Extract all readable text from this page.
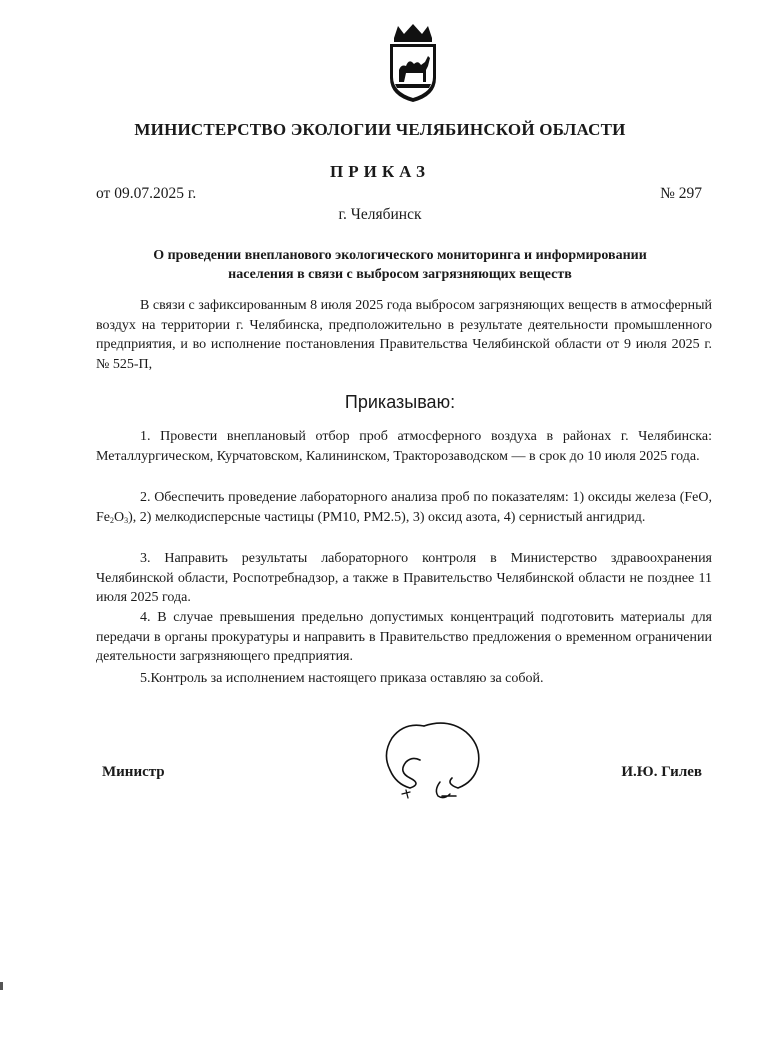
МИНИСТЕРСТВО ЭКОЛОГИИ ЧЕЛЯБИНСКОЙ ОБЛАСТИ
ПРИКАЗ
от 09.07.2025 г.	№ 297
г. Челябинск
О проведении внепланового экологического мониторинга и информировании населения в связи с выбросом загрязняющих веществ

В связи с зафиксированным 8 июля 2025 года выбросом загрязняющих веществ в атмосферный воздух на территории г. Челябинска, предположительно в результате деятельности промышленного предприятия, и во исполнение постановления Правительства Челябинской области от 9 июля 2025 г. № 525-П,

Приказываю:

1. Провести внеплановый отбор проб атмосферного воздуха в районах г. Челябинска: Металлургическом, Курчатовском, Калининском, Тракторозаводском — в срок до 10 июля 2025 года.

2. Обеспечить проведение лабораторного анализа проб по показателям: 1) оксиды железа (FeO, $Fe_2O_3$), 2) мелкодисперсные частицы (PM10, PM2.5), 3) оксид азота, 4) сернистый ангидрид.

3. Направить результаты лабораторного контроля в Министерство здравоохранения Челябинской области, Роспотребнадзор, а также в Правительство Челябинской области не позднее 11 июля 2025 года.

4. В случае превышения предельно допустимых концентраций подготовить материалы для передачи в органы прокуратуры и направить в Правительство предложения о временном ограничении деятельности загрязняющего предприятия.

5.Контроль за исполнением настоящего приказа оставляю за собой.

Министр	И.Ю. Гилев
